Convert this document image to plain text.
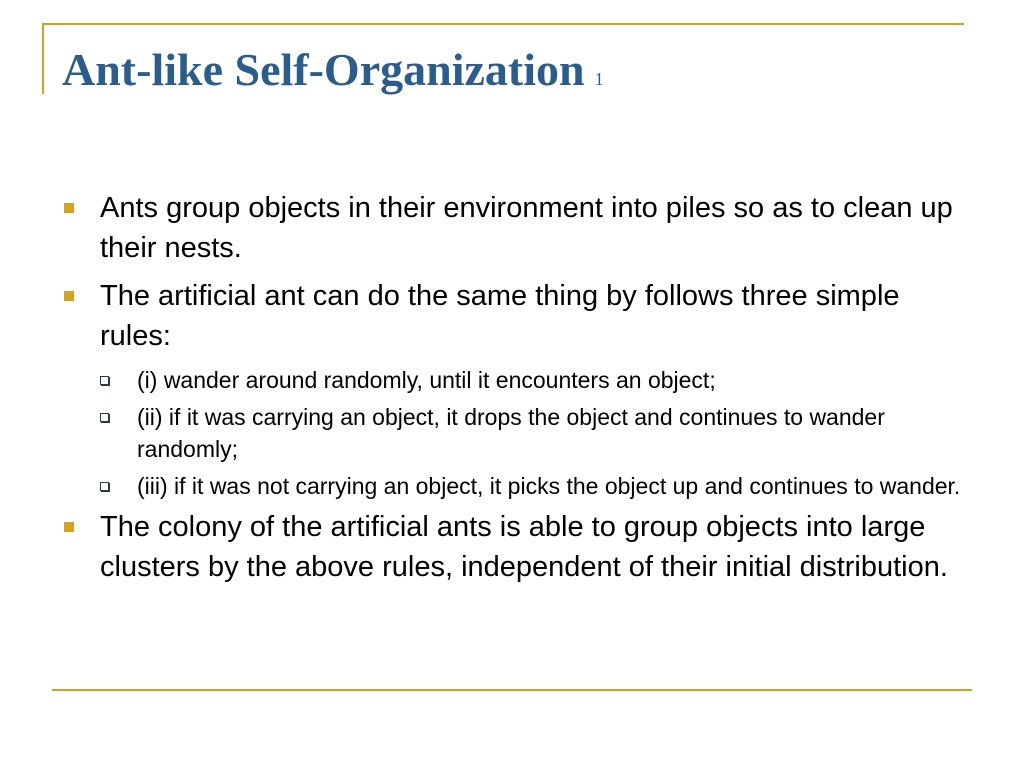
Ant-like Self-Organization 1
Ants group objects in their environment into piles so as to clean up their nests.
The artificial ant can do the same thing by follows three simple rules:
(i) wander around randomly, until it encounters an object;
(ii) if it was carrying an object, it drops the object and continues to wander randomly;
(iii) if it was not carrying an object, it picks the object up and continues to wander.
The colony of the artificial ants is able to group objects into large clusters by the above rules, independent of their initial distribution.
